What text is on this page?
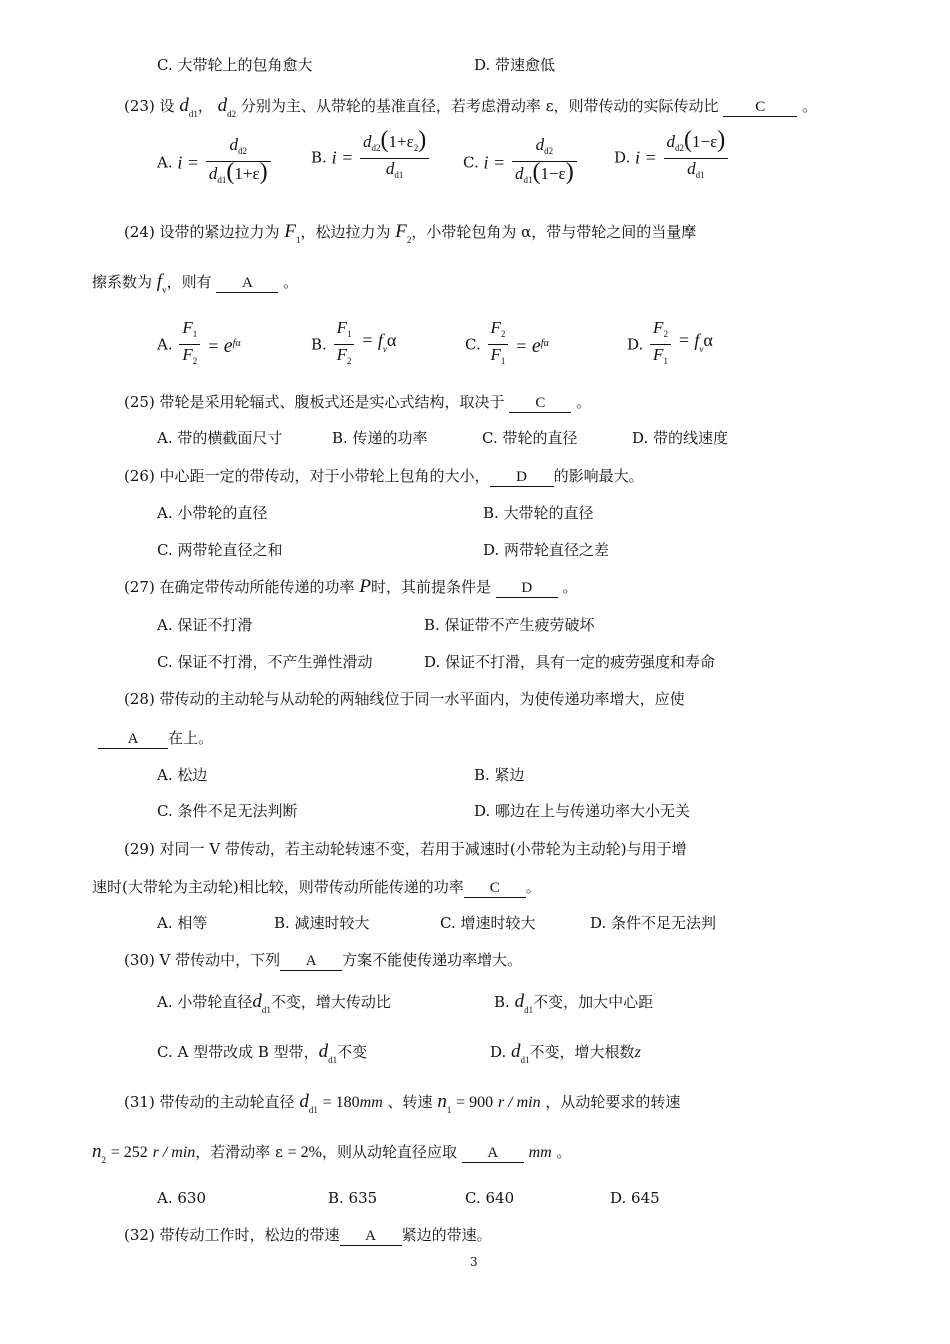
C. 大带轮上的包角愈大	D. 带速愈低
(23) 设 $d_{d1}$， $d_{d2}$ 分别为主、从带轮的基准直径，若考虑滑动率 ε，则带传动的实际传动比 C 。
A. $i = \frac{d_{d2}}{d_{d1}(1+\varepsilon)}$	B. $i = \frac{d_{d2}(1+\varepsilon_2)}{d_{d1}} C$. $i = \frac{d_{d2}}{d_{d1}(1-\varepsilon)} D$. $i = \frac{d_{d2}(1-\varepsilon)}{d_{d1}}$
(24) 设带的紧边拉力为 $F_1$，松边拉力为 $F_2$，小带轮包角为 α，带与带轮之间的当量摩
擦系数为 $f_v$，则有 A 。
A. $\frac{F_1}{F_2} = e^{f\alpha}$	B. $\frac{F_1}{F_2} = f_v\alpha$	C. $\frac{F_2}{F_1} = e^{f\alpha}$	D. $\frac{F_2}{F_1} = f_v\alpha$
(25) 带轮是采用轮辐式、腹板式还是实心式结构，取决于 C 。
A. 带的横截面尺寸	B. 传递的功率	C. 带轮的直径	D. 带的线速度
(26) 中心距一定的带传动，对于小带轮上包角的大小， D 的影响最大。
A. 小带轮的直径	B. 大带轮的直径
C. 两带轮直径之和	D. 两带轮直径之差
(27) 在确定带传动所能传递的功率 P时，其前提条件是 D 。
A. 保证不打滑	B. 保证带不产生疲劳破坏
C. 保证不打滑，不产生弹性滑动	D. 保证不打滑，具有一定的疲劳强度和寿命
(28) 带传动的主动轮与从动轮的两轴线位于同一水平面内，为使传递功率增大，应使
A 在上。
A. 松边	B. 紧边
C. 条件不足无法判断	D. 哪边在上与传递功率大小无关
(29) 对同一 V 带传动，若主动轮转速不变，若用于减速时(小带轮为主动轮)与用于增
速时(大带轮为主动轮)相比较，则带传动所能传递的功率 C 。
A. 相等	B. 减速时较大	C. 增速时较大	D. 条件不足无法判
(30) V 带传动中，下列 A 方案不能使传递功率增大。
A. 小带轮直径$d_{d1}$不变，增大传动比	B. $d_{d1}$不变，加大中心距
C. A 型带改成 B 型带，$d_{d1}$不变	D. $d_{d1}$不变，增大根数z
(31) 带传动的主动轮直径 $d_{d1} = 180mm$ 、转速 $n_1 = 900$ r / min ，从动轮要求的转速
$n_2 = 252$ r / min，若滑动率 ε = 2%，则从动轮直径应取 A mm 。
A. 630	B. 635	C. 640	D. 645
(32) 带传动工作时，松边的带速 A 紧边的带速。
3
